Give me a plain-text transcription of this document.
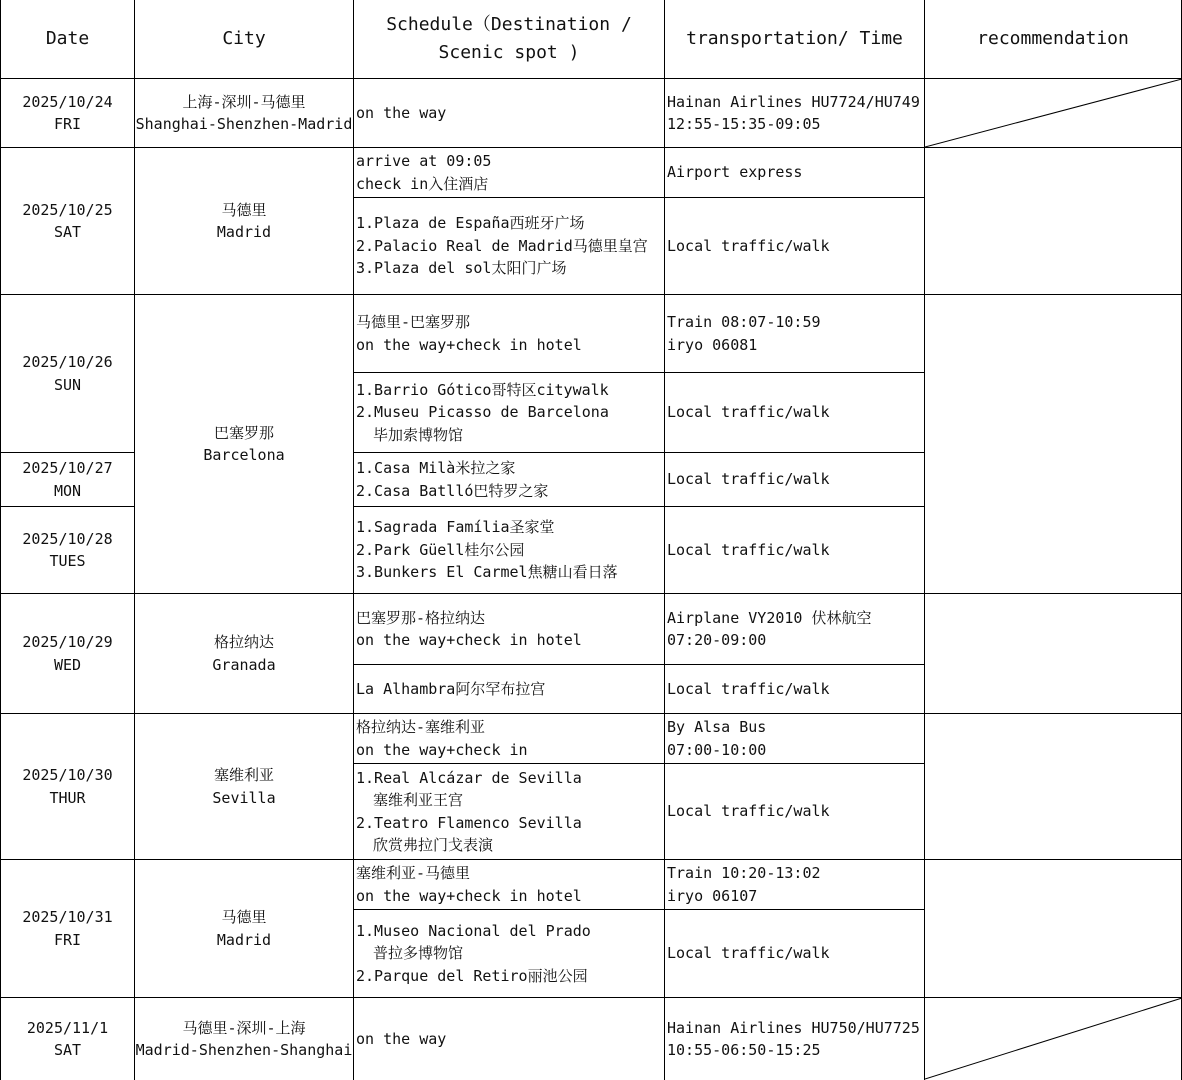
Date	City
Schedule（Destination /
Scenic spot )
transportation/ Time	recommendation
2025/10/24
FRI
2025/10/25
SAT
2025/10/26
SUN
2025/10/27
MON
2025/10/28
TUES
2025/10/29
WED
2025/10/30
THUR
2025/10/31
FRI
2025/11/1
SAT
上海-深圳-马德里
Shanghai-Shenzhen-Madrid
马德里
Madrid
巴塞罗那
Barcelona
格拉纳达
Granada
塞维利亚
Sevilla
马德里
Madrid
马德里-深圳-上海
Madrid-Shenzhen-Shanghai
on the way
arrive at 09:05
check in入住酒店
1.Plaza de España西班牙广场
2.Palacio Real de Madrid马德里皇宫
3.Plaza del sol太阳门广场
马德里-巴塞罗那
on the way+check in hotel
1.Barrio Gótico哥特区citywalk
2.Museu Picasso de Barcelona
毕加索博物馆
1.Casa Milà米拉之家
2.Casa Batlló巴特罗之家
1.Sagrada Família圣家堂
2.Park Güell桂尔公园
3.Bunkers El Carmel焦糖山看日落
巴塞罗那-格拉纳达
on the way+check in hotel
La Alhambra阿尔罕布拉宫
格拉纳达-塞维利亚
on the way+check in
1.Real Alcázar de Sevilla
塞维利亚王宫
2.Teatro Flamenco Sevilla
欣赏弗拉门戈表演
塞维利亚-马德里
on the way+check in hotel
1.Museo Nacional del Prado
普拉多博物馆
2.Parque del Retiro丽池公园
on the way
Hainan Airlines HU7724/HU749
12:55-15:35-09:05
Airport express
Local traffic/walk
Train 08:07-10:59
iryo 06081
Local traffic/walk
Local traffic/walk
Local traffic/walk
Airplane VY2010 伏林航空
07:20-09:00
Local traffic/walk
By Alsa Bus
07:00-10:00
Local traffic/walk
Train 10:20-13:02
iryo 06107
Local traffic/walk
Hainan Airlines HU750/HU7725
10:55-06:50-15:25
